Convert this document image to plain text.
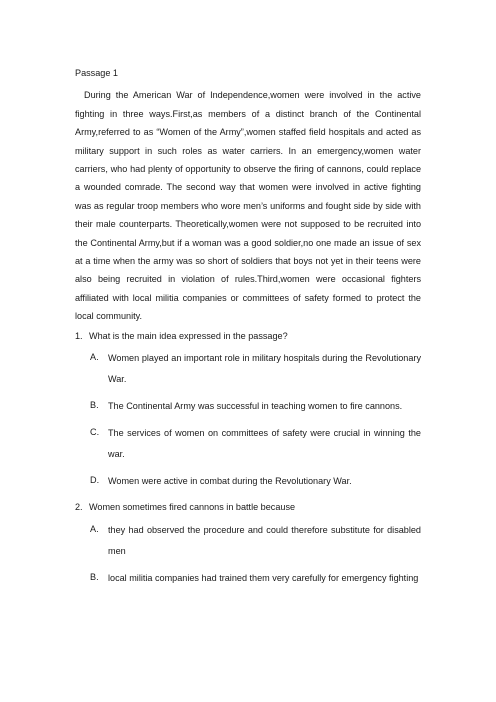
Passage 1

During the American War of Independence,women were involved in the active fighting in three ways.First,as members of a distinct branch of the Continental Army,referred to as “Women of the Army”,women staffed field hospitals and acted as military support in such roles as water carriers. In an emergency,women water carriers, who had plenty of opportunity to observe the firing of cannons, could replace a wounded comrade. The second way that women were involved in active fighting was as regular troop members who wore men’s uniforms and fought side by side with their male counterparts. Theoretically,women were not supposed to be recruited into the Continental Army,but if a woman was a good soldier,no one made an issue of sex at a time when the army was so short of soldiers that boys not yet in their teens were also being recruited in violation of rules.Third,women were occasional fighters affiliated with local militia companies or committees of safety formed to protect the local community.

1. What is the main idea expressed in the passage?
A.	Women played an important role in military hospitals during the Revolutionary War.
B.	The Continental Army was successful in teaching women to fire cannons.
C. The services of women on committees of safety were crucial in winning the war.
D. Women were active in combat during the Revolutionary War.
2. Women sometimes fired cannons in battle because
A.	they had observed the procedure and could therefore substitute for disabled men
B.	local militia companies had trained them very carefully for emergency fighting
